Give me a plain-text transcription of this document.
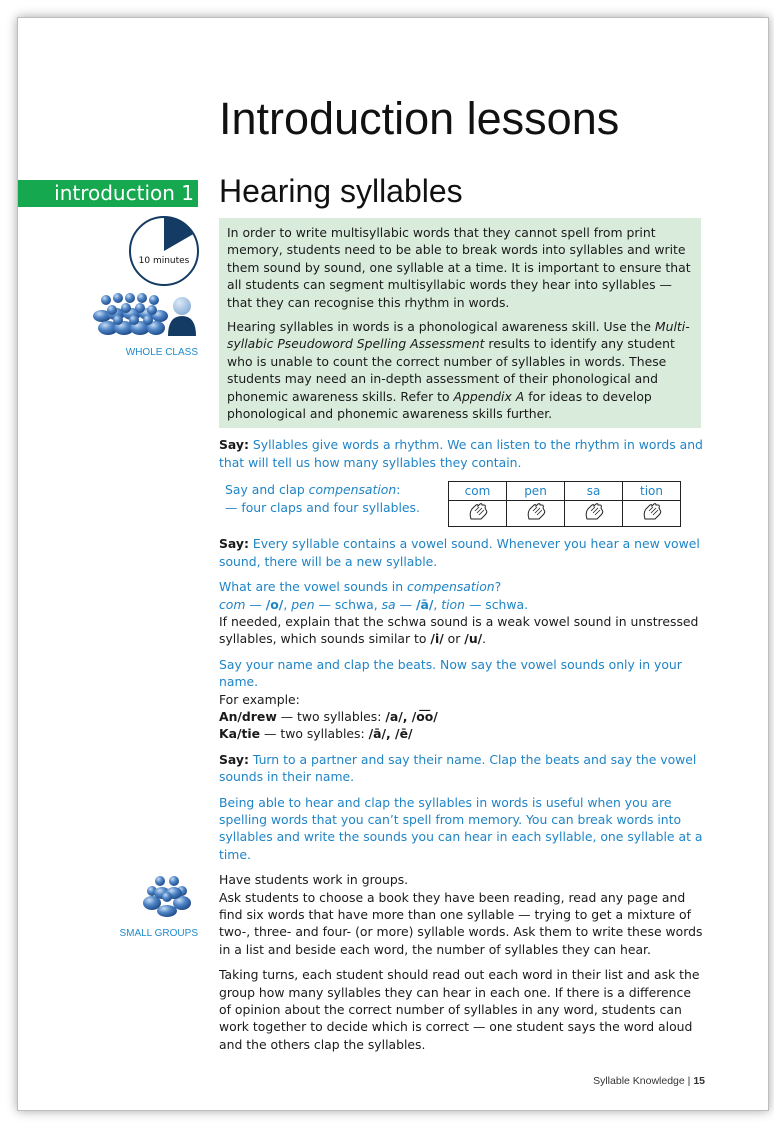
Introduction lessons
introduction 1 Hearing syllables
10 minutes
WHOLE CLASS

In order to write multisyllabic words that they cannot spell from print memory, students need to be able to break words into syllables and write them sound by sound, one syllable at a time. It is important to ensure that all students can segment multisyllabic words they hear into syllables — that they can recognise this rhythm in words.

Hearing syllables in words is a phonological awareness skill. Use the Multi-syllabic Pseudoword Spelling Assessment results to identify any student who is unable to count the correct number of syllables in words. These students may need an in-depth assessment of their phonological and phonemic awareness skills. Refer to Appendix A for ideas to develop phonological and phonemic awareness skills further.

Say: Syllables give words a rhythm. We can listen to the rhythm in words and that will tell us how many syllables they contain.
Say and clap compensation:
— four claps and four syllables.
com	pen	sa	tion

Say: Every syllable contains a vowel sound. Whenever you hear a new vowel sound, there will be a new syllable.
What are the vowel sounds in compensation?
com — /o/, pen — schwa, sa — /ā/, tion — schwa.
If needed, explain that the schwa sound is a weak vowel sound in unstressed syllables, which sounds similar to /i/ or /u/.
Say your name and clap the beats. Now say the vowel sounds only in your name.
For example:
An/drew — two syllables: /a/, /o͞o/
Ka/tie — two syllables: /ā/, /ē/
Say: Turn to a partner and say their name. Clap the beats and say the vowel sounds in their name.
Being able to hear and clap the syllables in words is useful when you are spelling words that you can’t spell from memory. You can break words into syllables and write the sounds you can hear in each syllable, one syllable at a time.
SMALL GROUPS
Have students work in groups.
Ask students to choose a book they have been reading, read any page and find six words that have more than one syllable — trying to get a mixture of two-, three- and four- (or more) syllable words. Ask them to write these words in a list and beside each word, the number of syllables they can hear.
Taking turns, each student should read out each word in their list and ask the group how many syllables they can hear in each one. If there is a difference of opinion about the correct number of syllables in any word, students can work together to decide which is correct — one student says the word aloud and the others clap the syllables.
Syllable Knowledge | 15
